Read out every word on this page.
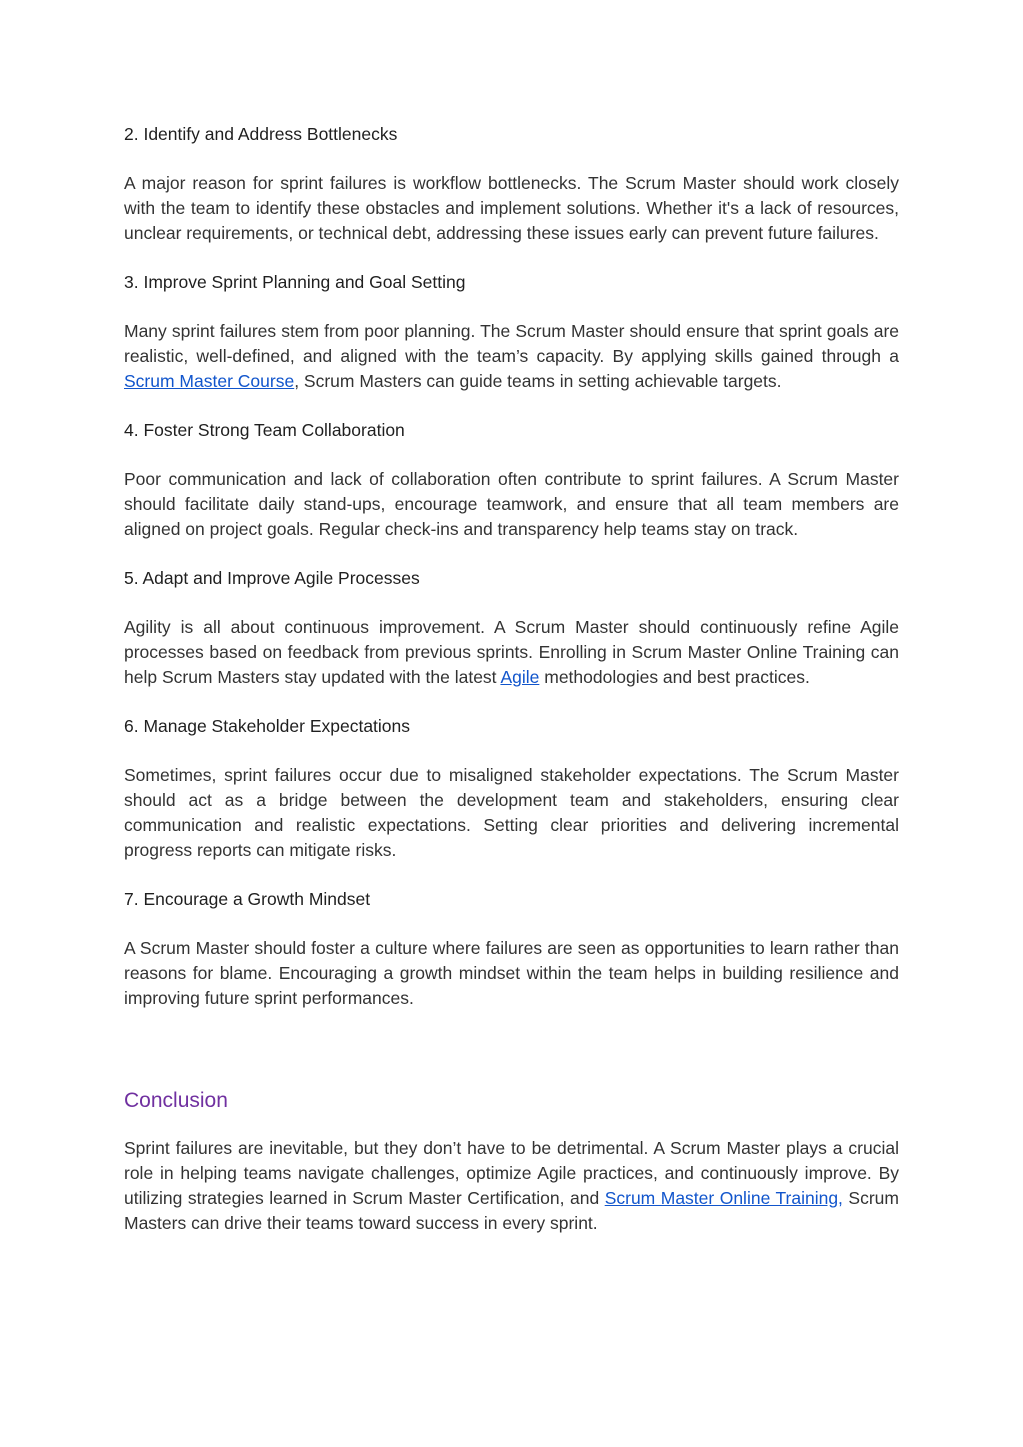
2. Identify and Address Bottlenecks

A major reason for sprint failures is workflow bottlenecks. The Scrum Master should work closely with the team to identify these obstacles and implement solutions. Whether it's a lack of resources, unclear requirements, or technical debt, addressing these issues early can prevent future failures.

3. Improve Sprint Planning and Goal Setting

Many sprint failures stem from poor planning. The Scrum Master should ensure that sprint goals are realistic, well-defined, and aligned with the team’s capacity. By applying skills gained through a Scrum Master Course, Scrum Masters can guide teams in setting achievable targets.

4. Foster Strong Team Collaboration

Poor communication and lack of collaboration often contribute to sprint failures. A Scrum Master should facilitate daily stand-ups, encourage teamwork, and ensure that all team members are aligned on project goals. Regular check-ins and transparency help teams stay on track.

5. Adapt and Improve Agile Processes

Agility is all about continuous improvement. A Scrum Master should continuously refine Agile processes based on feedback from previous sprints. Enrolling in Scrum Master Online Training can help Scrum Masters stay updated with the latest Agile methodologies and best practices.

6. Manage Stakeholder Expectations

Sometimes, sprint failures occur due to misaligned stakeholder expectations. The Scrum Master should act as a bridge between the development team and stakeholders, ensuring clear communication and realistic expectations. Setting clear priorities and delivering incremental progress reports can mitigate risks.

7. Encourage a Growth Mindset

A Scrum Master should foster a culture where failures are seen as opportunities to learn rather than reasons for blame. Encouraging a growth mindset within the team helps in building resilience and improving future sprint performances.

Conclusion

Sprint failures are inevitable, but they don’t have to be detrimental. A Scrum Master plays a crucial role in helping teams navigate challenges, optimize Agile practices, and continuously improve. By utilizing strategies learned in Scrum Master Certification, and Scrum Master Online Training, Scrum Masters can drive their teams toward success in every sprint.
